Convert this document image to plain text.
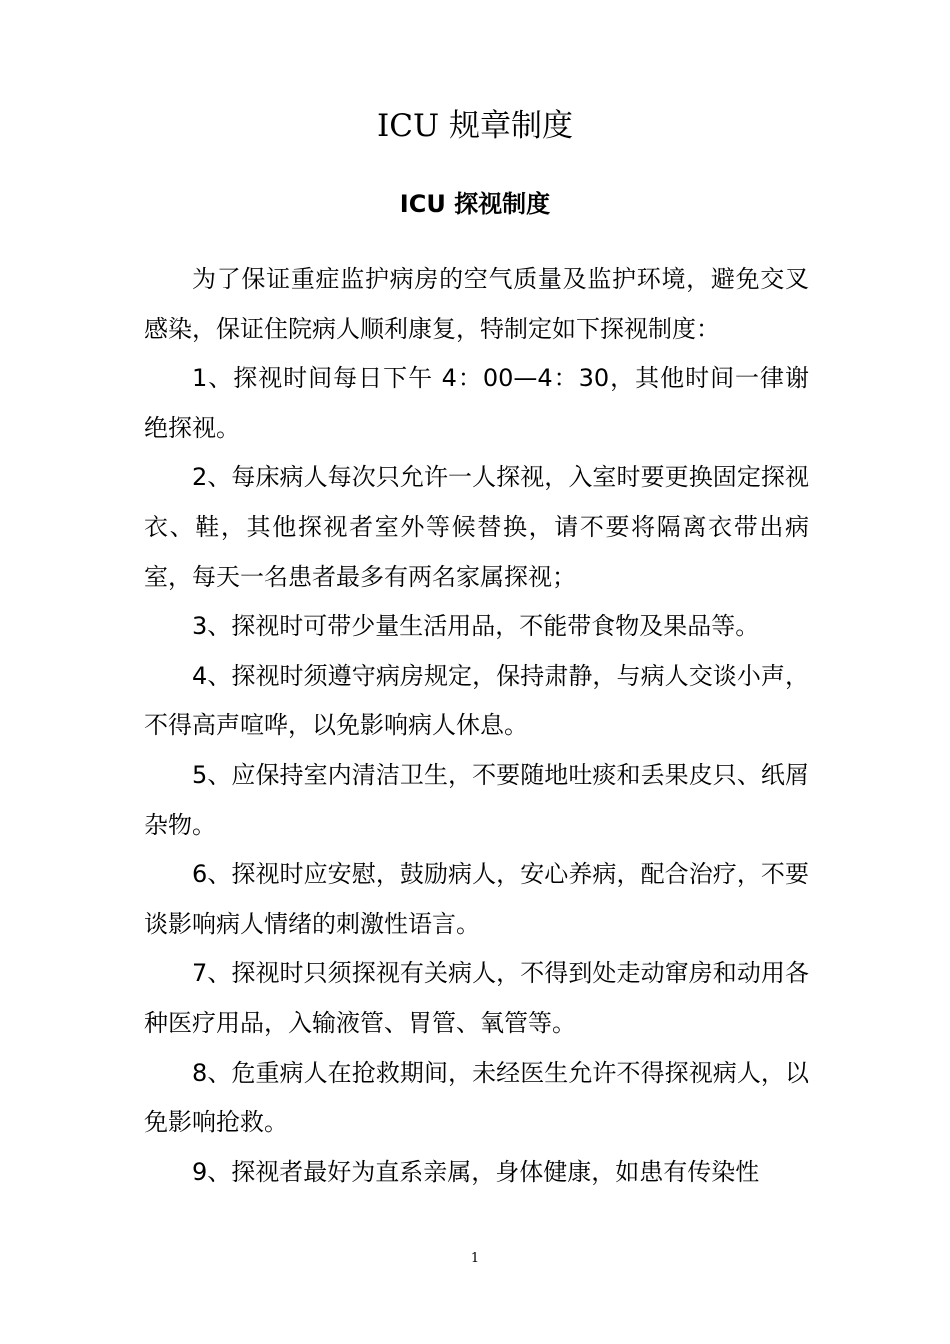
ICU 规章制度
ICU 探视制度

为了保证重症监护病房的空气质量及监护环境，避免交叉感染，保证住院病人顺利康复，特制定如下探视制度：

1、探视时间每日下午 4：00—4：30，其他时间一律谢绝探视。

2、每床病人每次只允许一人探视，入室时要更换固定探视衣、鞋，其他探视者室外等候替换，请不要将隔离衣带出病室，每天一名患者最多有两名家属探视；

3、探视时可带少量生活用品，不能带食物及果品等。

4、探视时须遵守病房规定，保持肃静，与病人交谈小声，不得高声喧哗，以免影响病人休息。

5、应保持室内清洁卫生，不要随地吐痰和丢果皮只、纸屑杂物。

6、探视时应安慰，鼓励病人，安心养病，配合治疗，不要谈影响病人情绪的刺激性语言。

7、探视时只须探视有关病人，不得到处走动窜房和动用各种医疗用品，入输液管、胃管、氧管等。

8、危重病人在抢救期间，未经医生允许不得探视病人，以免影响抢救。

9、探视者最好为直系亲属，身体健康，如患有传染性

1
